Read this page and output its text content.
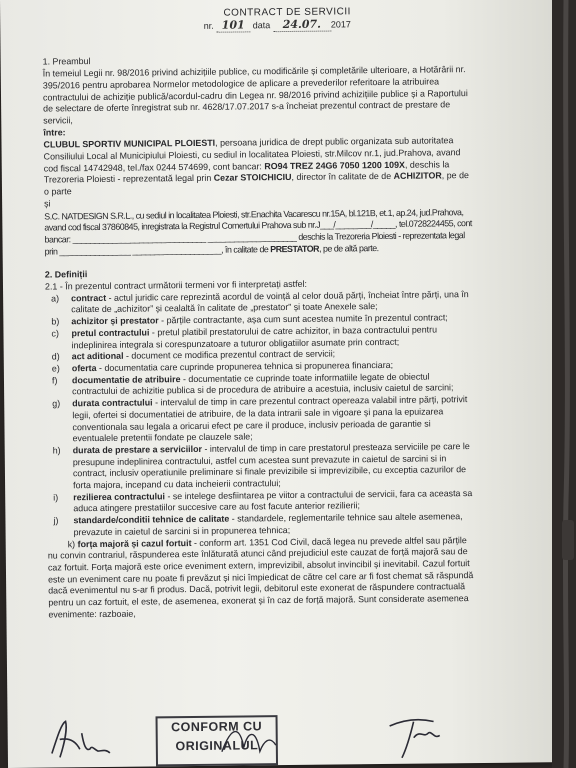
CONTRACT DE SERVICII

nr. 101 data 24.07. 2017

1. Preambul

În temeiul Legii nr. 98/2016 privind achizițiile publice, cu modificările și completările ulterioare, a Hotărârii nr. 395/2016 pentru aprobarea Normelor metodologice de aplicare a prevederilor referitoare la atribuirea contractului de achiziție publică/acordul-cadru din Legea nr. 98/2016 privind achizițiile publice și a Raportului de selectare de oferte înregistrat sub nr. 4628/17.07.2017 s-a încheiat prezentul contract de prestare de servicii,

între:

CLUBUL SPORTIV MUNICIPAL PLOIESTI, persoana juridica de drept public organizata sub autoritatea Consiliului Local al Municipiului Ploiesti, cu sediul in localitatea Ploiesti, str.Milcov nr.1, jud.Prahova, avand cod fiscal 14742948, tel./fax 0244 574699, cont bancar: RO94 TREZ 24G6 7050 1200 109X, deschis la Trezoreria Ploiesti - reprezentată legal prin Cezar STOICHICIU, director în calitate de de ACHIZITOR, pe de o parte

și

S.C. NATDESIGN S.R.L., cu sediul in localitatea Ploiesti, str.Enachita Vacarescu nr.15A, bl.121B, et.1, ap.24, jud.Prahova, avand cod fiscal 37860845, inregistrata la Registrul Comertului Prahova sub nr.J___/________/_____, tel.0728224455, cont bancar: ______________________________ ____________________ deschis la Trezoreria Ploiesti - reprezentata legal prin ________________ ____________________, în calitate de PRESTATOR, pe de altă parte.

2. Definiții

2.1 - În prezentul contract următorii termeni vor fi interpretați astfel:

a)	contract - actul juridic care reprezintă acordul de voință al celor două părți, încheiat între părți, una în calitate de „achizitor” și cealaltă în calitate de „prestator” și toate Anexele sale;
b)	achizitor și prestator - părțile contractante, așa cum sunt acestea numite în prezentul contract;
c)	pretul contractului - pretul platibil prestatorului de catre achizitor, in baza contractului pentru indeplinirea integrala si corespunzatoare a tuturor obligatiilor asumate prin contract;
d)	act aditional - document ce modifica prezentul contract de servicii;
e)	oferta - documentatia care cuprinde propunerea tehnica si propunerea financiara;
f)	documentatie de atribuire - documentatie ce cuprinde toate informatiile legate de obiectul contractului de achizitie publica si de procedura de atribuire a acestuia, inclusiv caietul de sarcini;
g)	durata contractului - intervalul de timp in care prezentul contract opereaza valabil intre părți, potrivit legii, ofertei si documentatiei de atribuire, de la data intrarii sale in vigoare și pana la epuizarea conventionala sau legala a oricarui efect pe care il produce, inclusiv perioada de garantie si eventualele pretentii fondate pe clauzele sale;
h)	durata de prestare a serviciilor - intervalul de timp in care prestatorul presteaza serviciile pe care le presupune indeplinirea contractului, astfel cum acestea sunt prevazute in caietul de sarcini si in contract, inclusiv operatiunile preliminare si finale previzibile si imprevizibile, cu exceptia cazurilor de forta majora, incepand cu data incheierii contractului;
i)	rezilierea contractului - se intelege desfiintarea pe viitor a contractului de servicii, fara ca aceasta sa aduca atingere prestatiilor succesive care au fost facute anterior rezilierii;
j)	standarde/conditii tehnice de calitate - standardele, reglementarile tehnice sau altele asemenea, prevazute in caietul de sarcini si in propunerea tehnica;
k) forța majoră și cazul fortuit - conform art. 1351 Cod Civil, dacă legea nu prevede altfel sau părțile nu convin contrariul, răspunderea este înlăturată atunci când prejudiciul este cauzat de forță majoră sau de caz fortuit. Forța majoră este orice eveniment extern, imprevizibil, absolut invincibil și inevitabil. Cazul fortuit este un eveniment care nu poate fi prevăzut și nici împiedicat de către cel care ar fi fost chemat să răspundă dacă evenimentul nu s-ar fi produs. Dacă, potrivit legii, debitorul este exonerat de răspundere contractuală pentru un caz fortuit, el este, de asemenea, exonerat și în caz de forță majoră. Sunt considerate asemenea evenimente: razboaie,
CONFORM CU
ORIGINALUL
